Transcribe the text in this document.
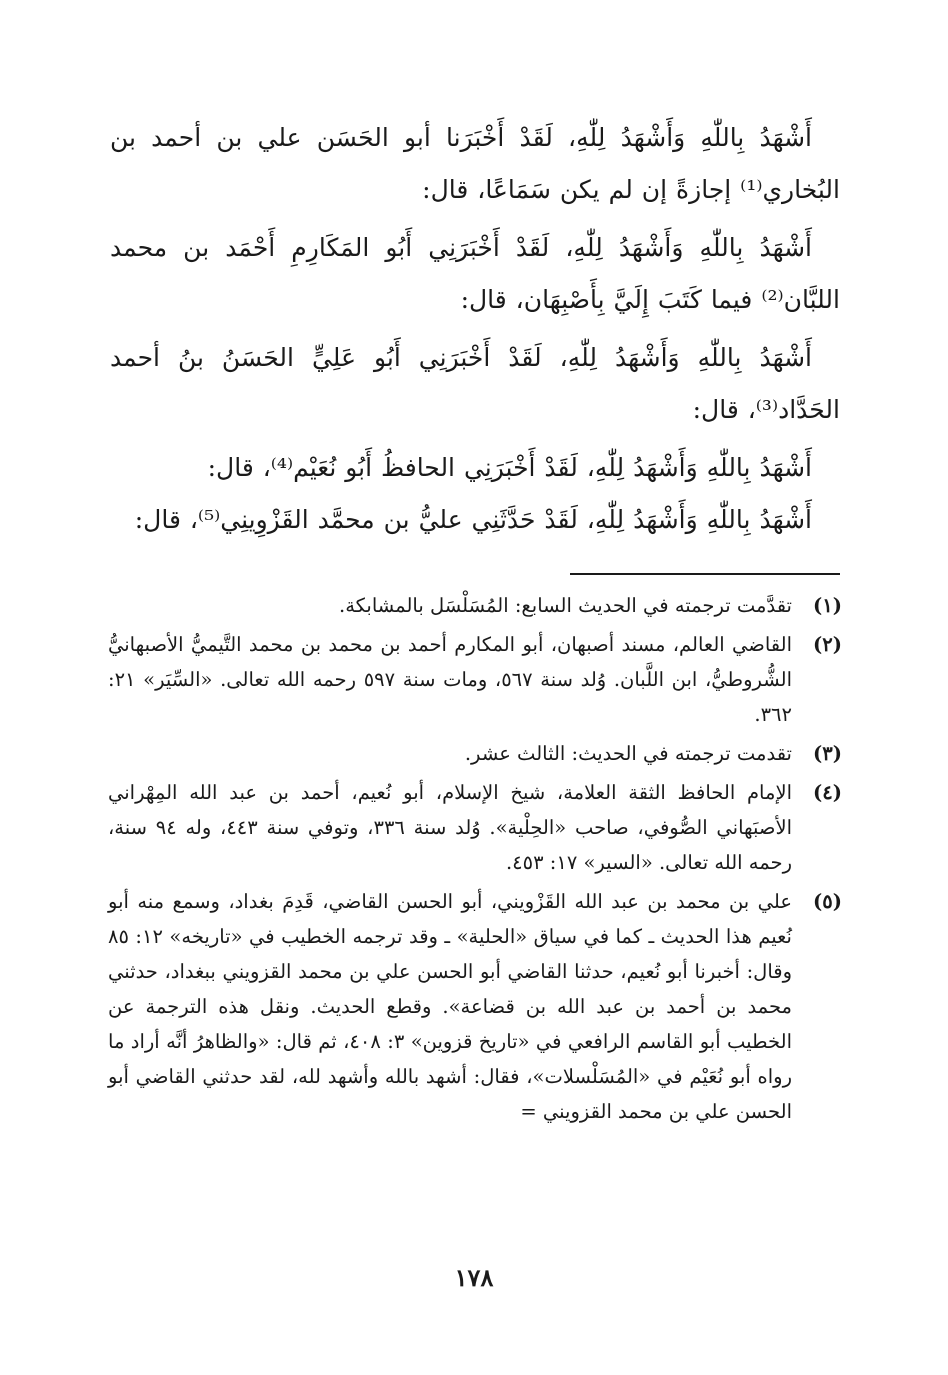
أَشْهَدُ بِاللّٰهِ وَأَشْهَدُ لِلّٰهِ، لَقَدْ أَخْبَرَنا أبو الحَسَن علي بن أحمد بن البُخاري⁽¹⁾ إجازةً إن لم يكن سَمَاعًا، قال:

أَشْهَدُ بِاللّٰهِ وَأَشْهَدُ لِلّٰهِ، لَقَدْ أَخْبَرَنِي أَبُو المَكَارِمِ أَحْمَد بن محمد اللبَّان⁽²⁾ فيما كَتَبَ إِلَيَّ بِأَصْبِهَان، قال:

أَشْهَدُ بِاللّٰهِ وَأَشْهَدُ لِلّٰهِ، لَقَدْ أَخْبَرَنِي أَبُو عَلِيٍّ الحَسَنُ بنُ أحمد الحَدَّاد⁽³⁾، قال:

أَشْهَدُ بِاللّٰهِ وَأَشْهَدُ لِلّٰهِ، لَقَدْ أَخْبَرَنِي الحافظُ أَبُو نُعَيْم⁽⁴⁾، قال:

أَشْهَدُ بِاللّٰهِ وَأَشْهَدُ لِلّٰهِ، لَقَدْ حَدَّثَنِي عليُّ بن محمَّد القَزْوِينِي⁽⁵⁾، قال:

(١)
تقدَّمت ترجمته في الحديث السابع: المُسَلْسَل بالمشابكة.
(٢)
القاضي العالم، مسند أصبهان، أبو المكارم أحمد بن محمد بن محمد التَّيميُّ الأصبهانيُّ الشُّروطيُّ، ابن اللَّبان. وُلد سنة ٥٦٧، ومات سنة ٥٩٧ رحمه الله تعالى. «السِّيَر» ٢١: ٣٦٢.
(٣)
تقدمت ترجمته في الحديث: الثالث عشر.
(٤)
الإمام الحافظ الثقة العلامة، شيخ الإسلام، أبو نُعيم، أحمد بن عبد الله المِهْراني الأصبَهاني الصُّوفي، صاحب «الحِلْية». وُلد سنة ٣٣٦، وتوفي سنة ٤٤٣، وله ٩٤ سنة، رحمه الله تعالى. «السير» ١٧: ٤٥٣.
(٥)
علي بن محمد بن عبد الله القَزْويني، أبو الحسن القاضي، قَدِمَ بغداد، وسمع منه أبو نُعيم هذا الحديث ـ كما في سياق «الحلية» ـ وقد ترجمه الخطيب في «تاريخه» ١٢: ٨٥ وقال: أخبرنا أبو نُعيم، حدثنا القاضي أبو الحسن علي بن محمد القزويني ببغداد، حدثني محمد بن أحمد بن عبد الله بن قضاعة». وقطع الحديث. ونقل هذه الترجمة عن الخطيب أبو القاسم الرافعي في «تاريخ قزوين» ٣: ٤٠٨، ثم قال: «والظاهرُ أنَّه أراد ما رواه أبو نُعَيْم في «المُسَلْسلات»، فقال: أشهد بالله وأشهد لله، لقد حدثني القاضي أبو الحسن علي بن محمد القزويني =
١٧٨
